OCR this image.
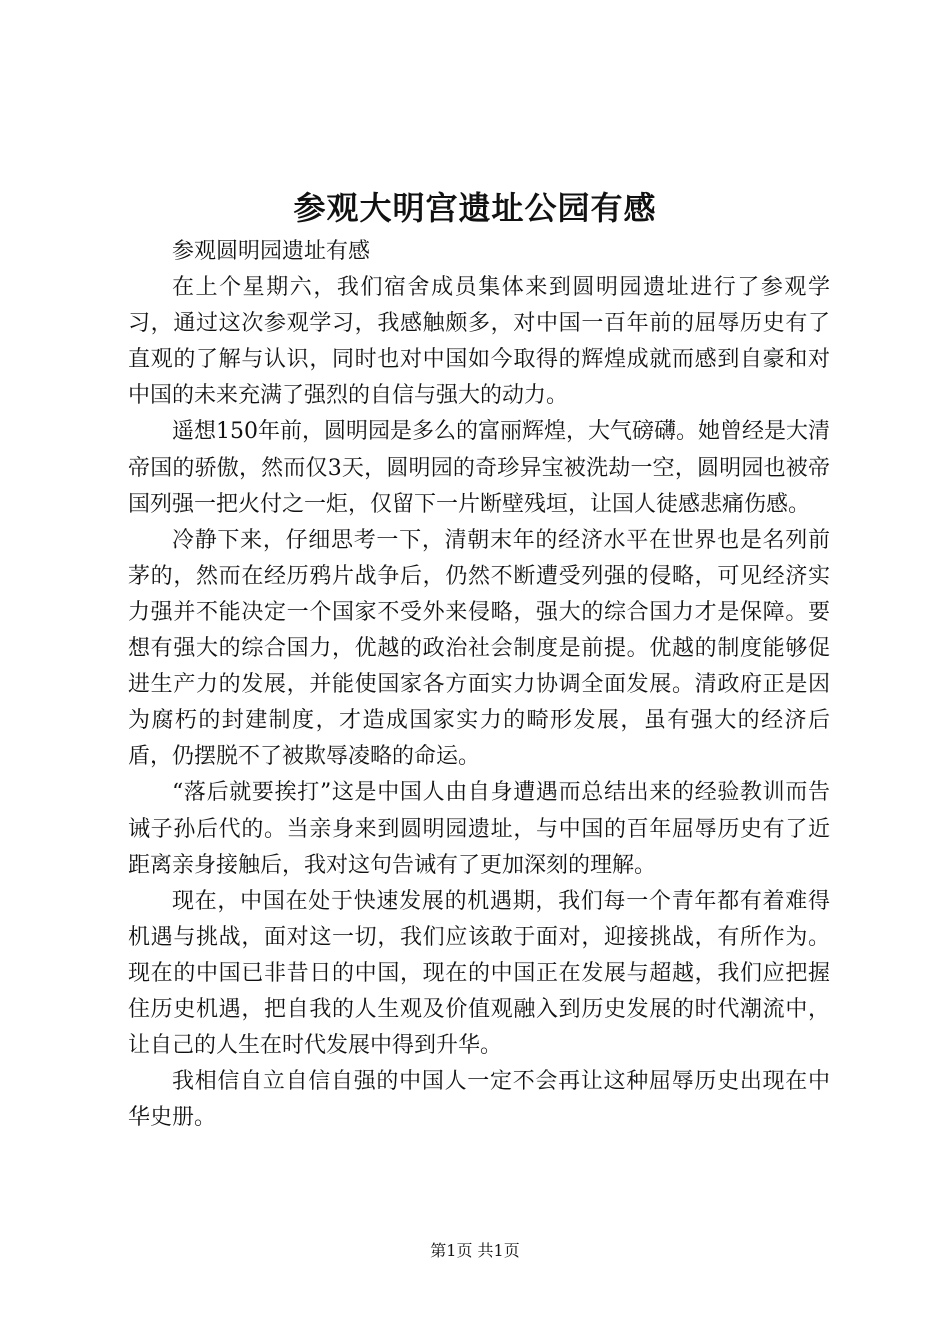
参观大明宫遗址公园有感

参观圆明园遗址有感

在上个星期六，我们宿舍成员集体来到圆明园遗址进行了参观学习，通过这次参观学习，我感触颇多，对中国一百年前的屈辱历史有了直观的了解与认识，同时也对中国如今取得的辉煌成就而感到自豪和对中国的未来充满了强烈的自信与强大的动力。

遥想150年前，圆明园是多么的富丽辉煌，大气磅礴。她曾经是大清帝国的骄傲，然而仅3天，圆明园的奇珍异宝被洗劫一空，圆明园也被帝国列强一把火付之一炬，仅留下一片断壁残垣，让国人徒感悲痛伤感。

冷静下来，仔细思考一下，清朝末年的经济水平在世界也是名列前茅的，然而在经历鸦片战争后，仍然不断遭受列强的侵略，可见经济实力强并不能决定一个国家不受外来侵略，强大的综合国力才是保障。要想有强大的综合国力，优越的政治社会制度是前提。优越的制度能够促进生产力的发展，并能使国家各方面实力协调全面发展。清政府正是因为腐朽的封建制度，才造成国家实力的畸形发展，虽有强大的经济后盾，仍摆脱不了被欺辱凌略的命运。

“落后就要挨打”这是中国人由自身遭遇而总结出来的经验教训而告诫子孙后代的。当亲身来到圆明园遗址，与中国的百年屈辱历史有了近距离亲身接触后，我对这句告诫有了更加深刻的理解。

现在，中国在处于快速发展的机遇期，我们每一个青年都有着难得机遇与挑战，面对这一切，我们应该敢于面对，迎接挑战，有所作为。现在的中国已非昔日的中国，现在的中国正在发展与超越，我们应把握住历史机遇，把自我的人生观及价值观融入到历史发展的时代潮流中，让自己的人生在时代发展中得到升华。

我相信自立自信自强的中国人一定不会再让这种屈辱历史出现在中华史册。

第1页 共1页
